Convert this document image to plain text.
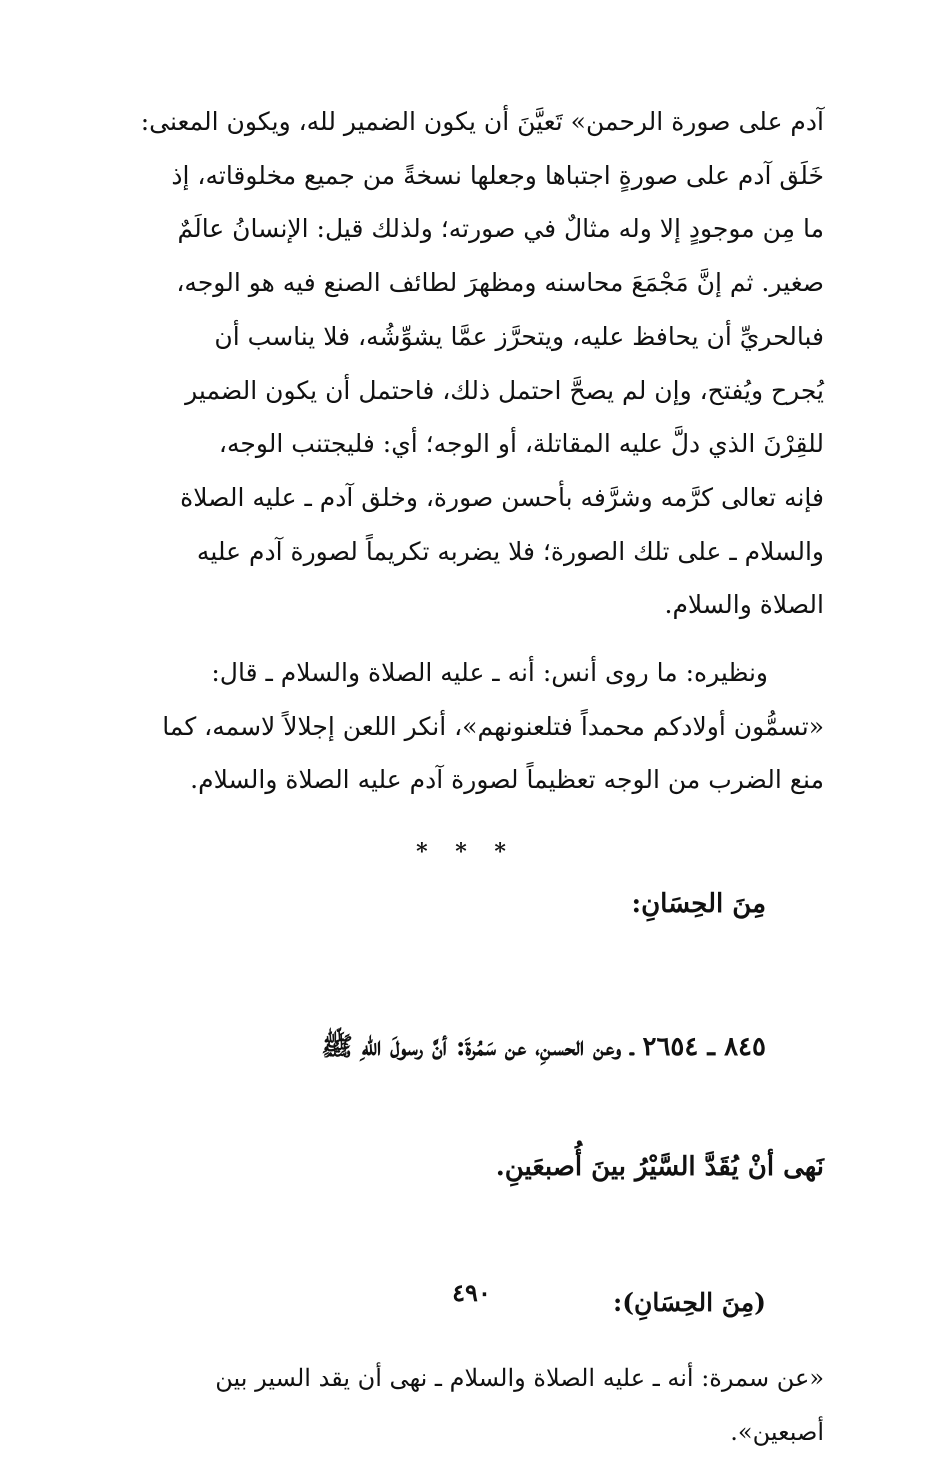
آدم على صورة الرحمن» تَعيَّنَ أن يكون الضمير لله، ويكون المعنى:
خَلَق آدم على صورةٍ اجتباها وجعلها نسخةً من جميع مخلوقاته، إذ
ما مِن موجودٍ إلا وله مثالٌ في صورته؛ ولذلك قيل: الإنسانُ عالَمٌ
صغير. ثم إنَّ مَجْمَعَ محاسنه ومظهرَ لطائف الصنع فيه هو الوجه،
فبالحريِّ أن يحافظ عليه، ويتحرَّز عمَّا يشوِّشُه، فلا يناسب أن
يُجرح ويُفتح، وإن لم يصحَّ احتمل ذلك، فاحتمل أن يكون الضمير
للقِرْنَ الذي دلَّ عليه المقاتلة، أو الوجه؛ أي: فليجتنب الوجه،
فإنه تعالى كرَّمه وشرَّفه بأحسن صورة، وخلق آدم ـ عليه الصلاة
والسلام ـ على تلك الصورة؛ فلا يضربه تكريماً لصورة آدم عليه
الصلاة والسلام.

ونظيره: ما روى أنس: أنه ـ عليه الصلاة والسلام ـ قال:
«تسمُّون أولادكم محمداً فتلعنونهم»، أنكر اللعن إجلالاً لاسمه، كما
منع الضرب من الوجه تعظيماً لصورة آدم عليه الصلاة والسلام.

* * *
مِنَ الحِسَانِ:

٨٤٥ ـ ٢٦٥٤ ـ وعن الحسنِ، عن سَمُرةَ: أنَّ رسولَ اللهِ ﷺ

نَهى أنْ يُقَدَّ السَّيْرُ بينَ أُصبعَينِ.

(مِنَ الحِسَانِ):

«عن سمرة: أنه ـ عليه الصلاة والسلام ـ نهى أن يقد السير بين
أصبعين».

٤٩٠
